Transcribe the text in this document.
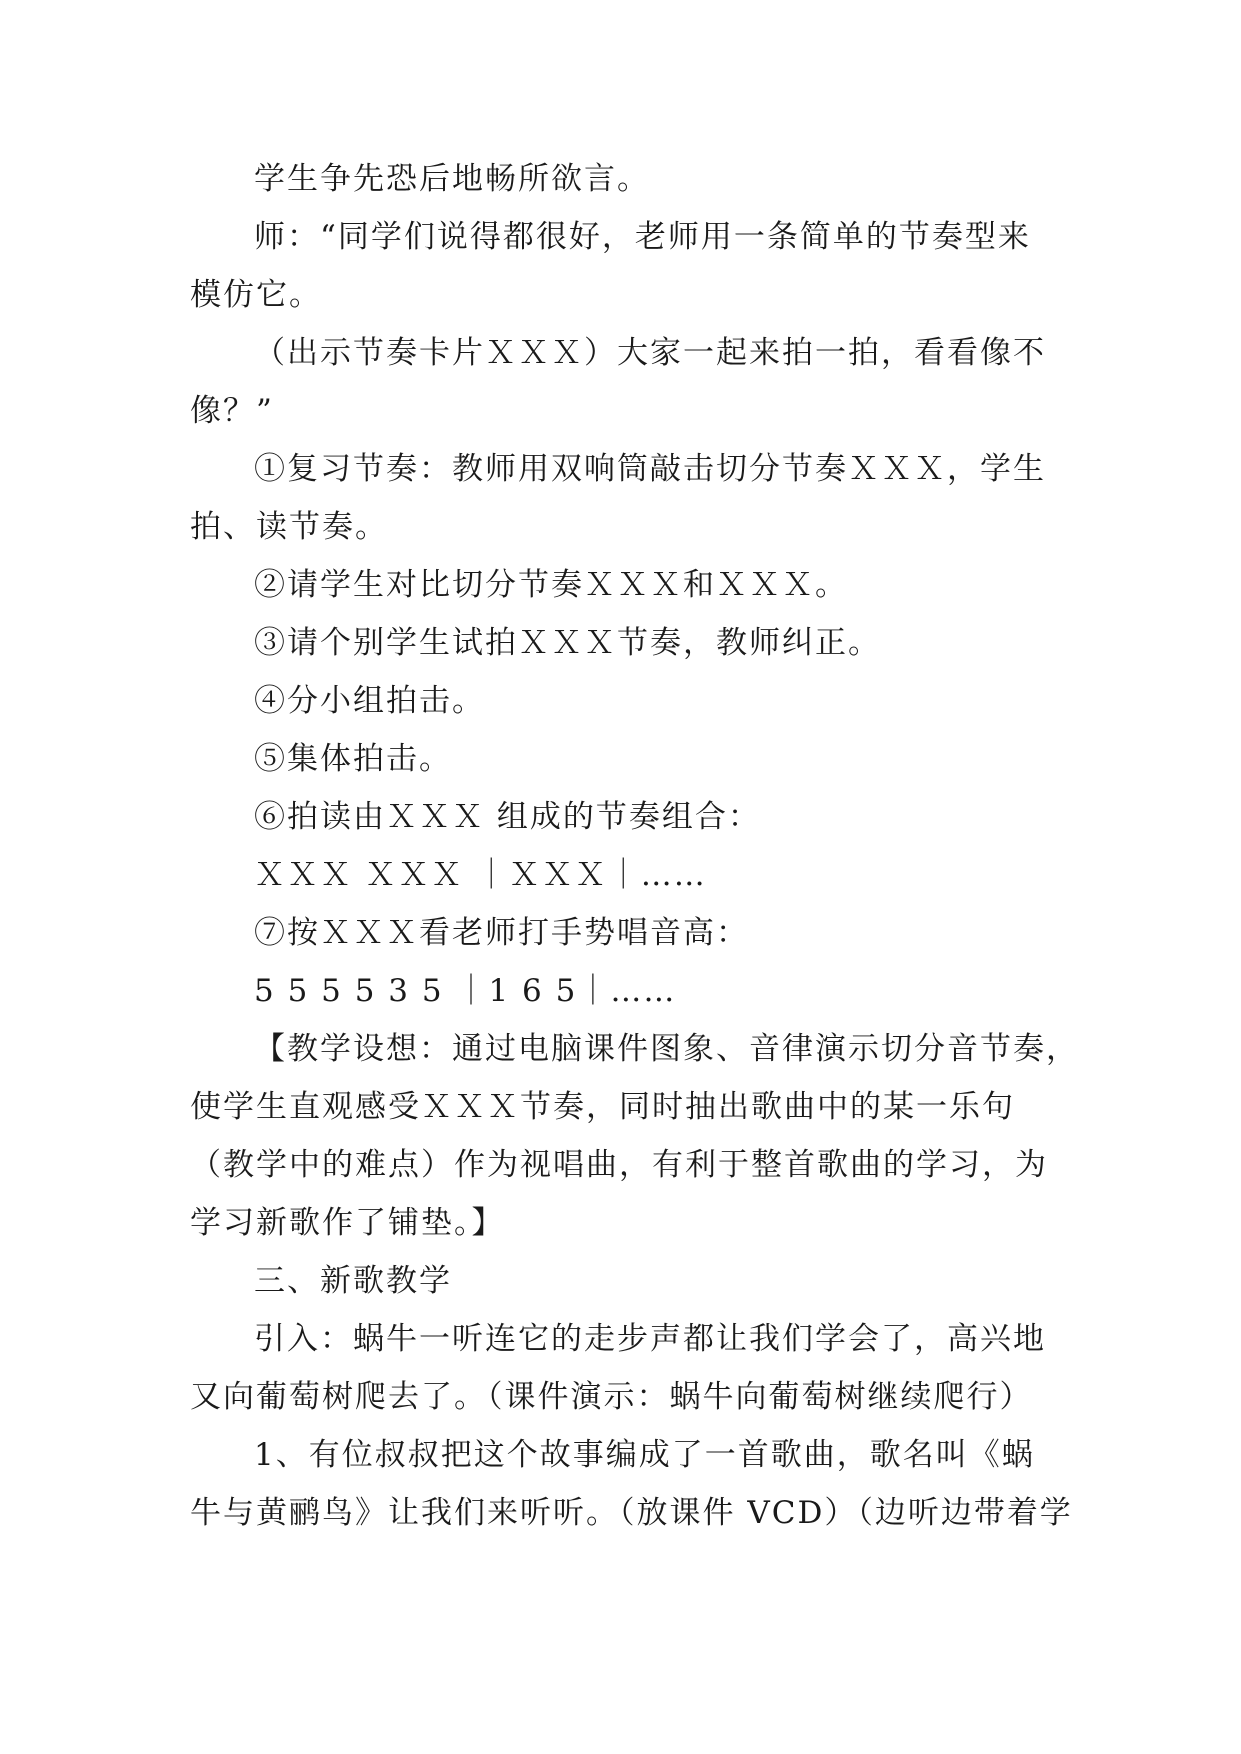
学生争先恐后地畅所欲言。
师：“同学们说得都很好，老师用一条简单的节奏型来
模仿它。
（出示节奏卡片ＸＸＸ）大家一起来拍一拍，看看像不
像？”
①复习节奏：教师用双响筒敲击切分节奏ＸＸＸ，学生
拍、读节奏。
②请学生对比切分节奏ＸＸＸ和ＸＸＸ。
③请个别学生试拍ＸＸＸ节奏，教师纠正。
④分小组拍击。
⑤集体拍击。
⑥拍读由ＸＸＸ 组成的节奏组合：
ＸＸＸ ＸＸＸ ｜ＸＸＸ｜……
⑦按ＸＸＸ看老师打手势唱音高：
5 5 5 5 3 5 ｜1 6 5｜……
【教学设想：通过电脑课件图象、音律演示切分音节奏，
使学生直观感受ＸＸＸ节奏，同时抽出歌曲中的某一乐句
（教学中的难点）作为视唱曲，有利于整首歌曲的学习，为
学习新歌作了铺垫。】
三、新歌教学
引入：蜗牛一听连它的走步声都让我们学会了，高兴地
又向葡萄树爬去了。（课件演示：蜗牛向葡萄树继续爬行）
1、有位叔叔把这个故事编成了一首歌曲，歌名叫《蜗
牛与黄鹂鸟》让我们来听听。（放课件 VCD）（边听边带着学
